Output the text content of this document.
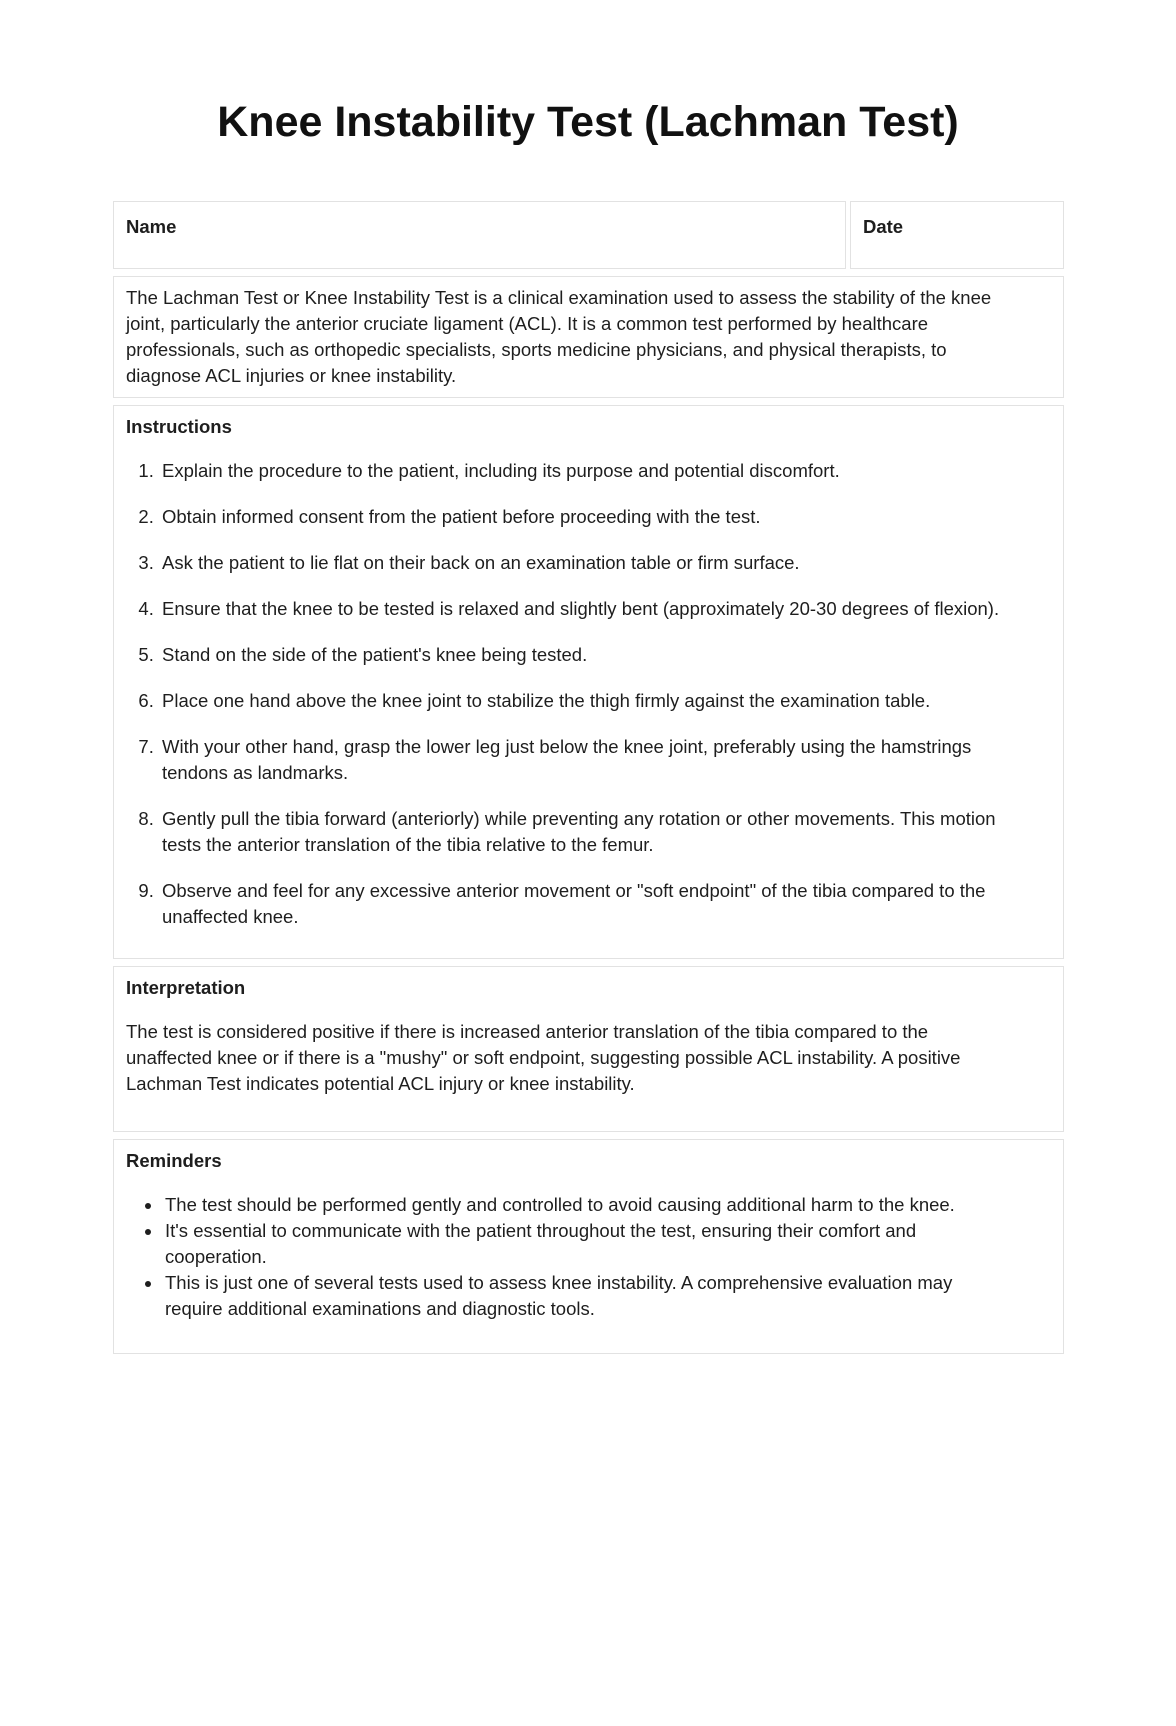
Knee Instability Test (Lachman Test)
Name	Date

The Lachman Test or Knee Instability Test is a clinical examination used to assess the stability of the knee joint, particularly the anterior cruciate ligament (ACL). It is a common test performed by healthcare professionals, such as orthopedic specialists, sports medicine physicians, and physical therapists, to diagnose ACL injuries or knee instability.

Instructions
1. Explain the procedure to the patient, including its purpose and potential discomfort.
2. Obtain informed consent from the patient before proceeding with the test.
3. Ask the patient to lie flat on their back on an examination table or firm surface.
4. Ensure that the knee to be tested is relaxed and slightly bent (approximately 20-30 degrees of flexion).
5. Stand on the side of the patient's knee being tested.
6. Place one hand above the knee joint to stabilize the thigh firmly against the examination table.
7. With your other hand, grasp the lower leg just below the knee joint, preferably using the hamstrings tendons as landmarks.
8. Gently pull the tibia forward (anteriorly) while preventing any rotation or other movements. This motion tests the anterior translation of the tibia relative to the femur.
9. Observe and feel for any excessive anterior movement or "soft endpoint" of the tibia compared to the unaffected knee.
Interpretation

The test is considered positive if there is increased anterior translation of the tibia compared to the unaffected knee or if there is a "mushy" or soft endpoint, suggesting possible ACL instability. A positive Lachman Test indicates potential ACL injury or knee instability.

Reminders
• The test should be performed gently and controlled to avoid causing additional harm to the knee.
• It's essential to communicate with the patient throughout the test, ensuring their comfort and cooperation.
• This is just one of several tests used to assess knee instability. A comprehensive evaluation may require additional examinations and diagnostic tools.
